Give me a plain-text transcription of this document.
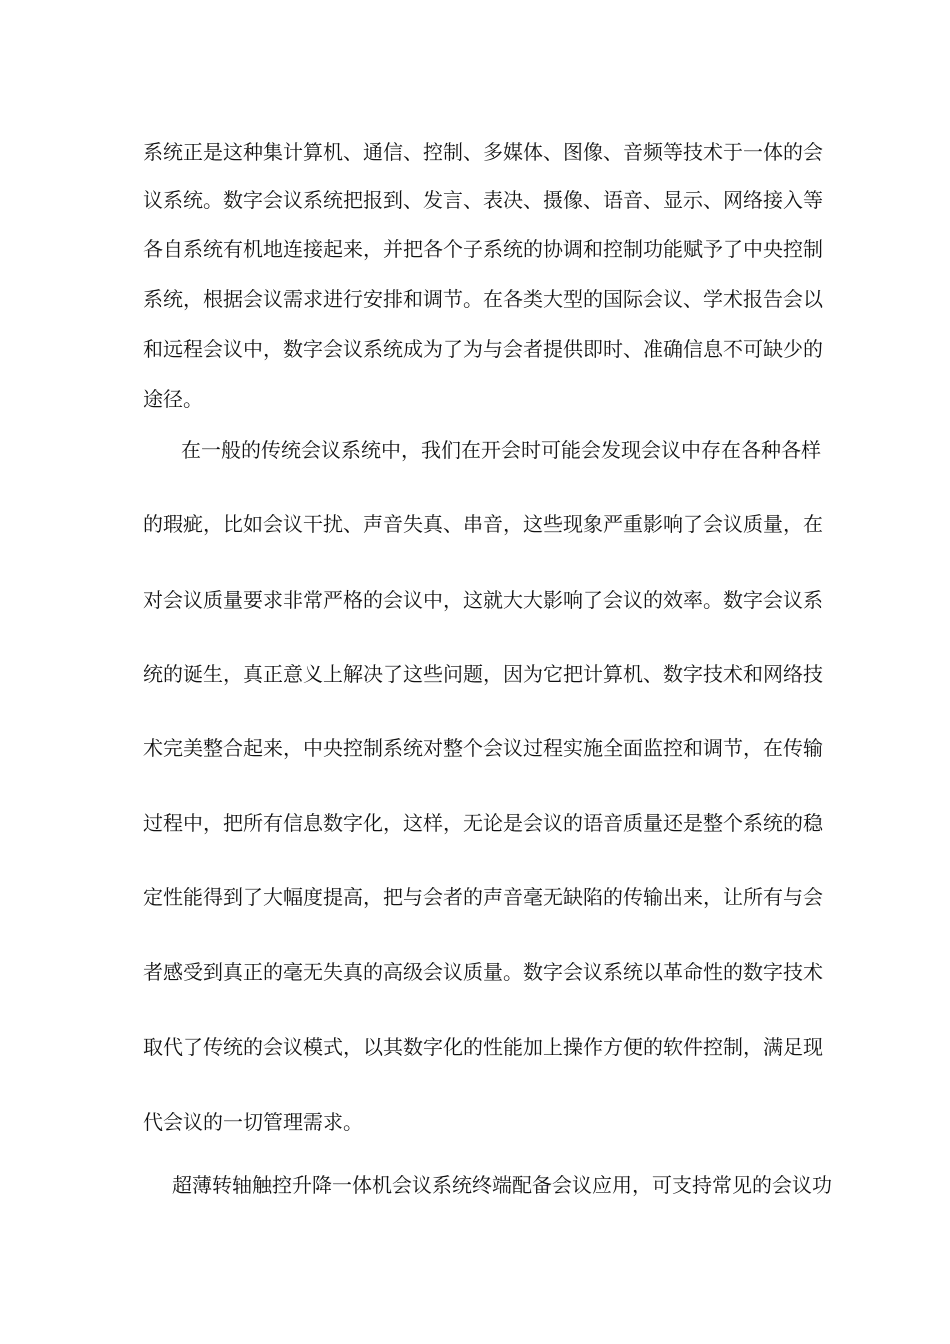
系统正是这种集计算机、通信、控制、多媒体、图像、音频等技术于一体的会
议系统。数字会议系统把报到、发言、表决、摄像、语音、显示、网络接入等
各自系统有机地连接起来，并把各个子系统的协调和控制功能赋予了中央控制
系统，根据会议需求进行安排和调节。在各类大型的国际会议、学术报告会以
和远程会议中，数字会议系统成为了为与会者提供即时、准确信息不可缺少的
途径。
在一般的传统会议系统中，我们在开会时可能会发现会议中存在各种各样
的瑕疵，比如会议干扰、声音失真、串音，这些现象严重影响了会议质量，在
对会议质量要求非常严格的会议中，这就大大影响了会议的效率。数字会议系
统的诞生，真正意义上解决了这些问题，因为它把计算机、数字技术和网络技
术完美整合起来，中央控制系统对整个会议过程实施全面监控和调节，在传输
过程中，把所有信息数字化，这样，无论是会议的语音质量还是整个系统的稳
定性能得到了大幅度提高，把与会者的声音毫无缺陷的传输出来，让所有与会
者感受到真正的毫无失真的高级会议质量。数字会议系统以革命性的数字技术
取代了传统的会议模式，以其数字化的性能加上操作方便的软件控制，满足现
代会议的一切管理需求。
超薄转轴触控升降一体机会议系统终端配备会议应用，可支持常见的会议功
